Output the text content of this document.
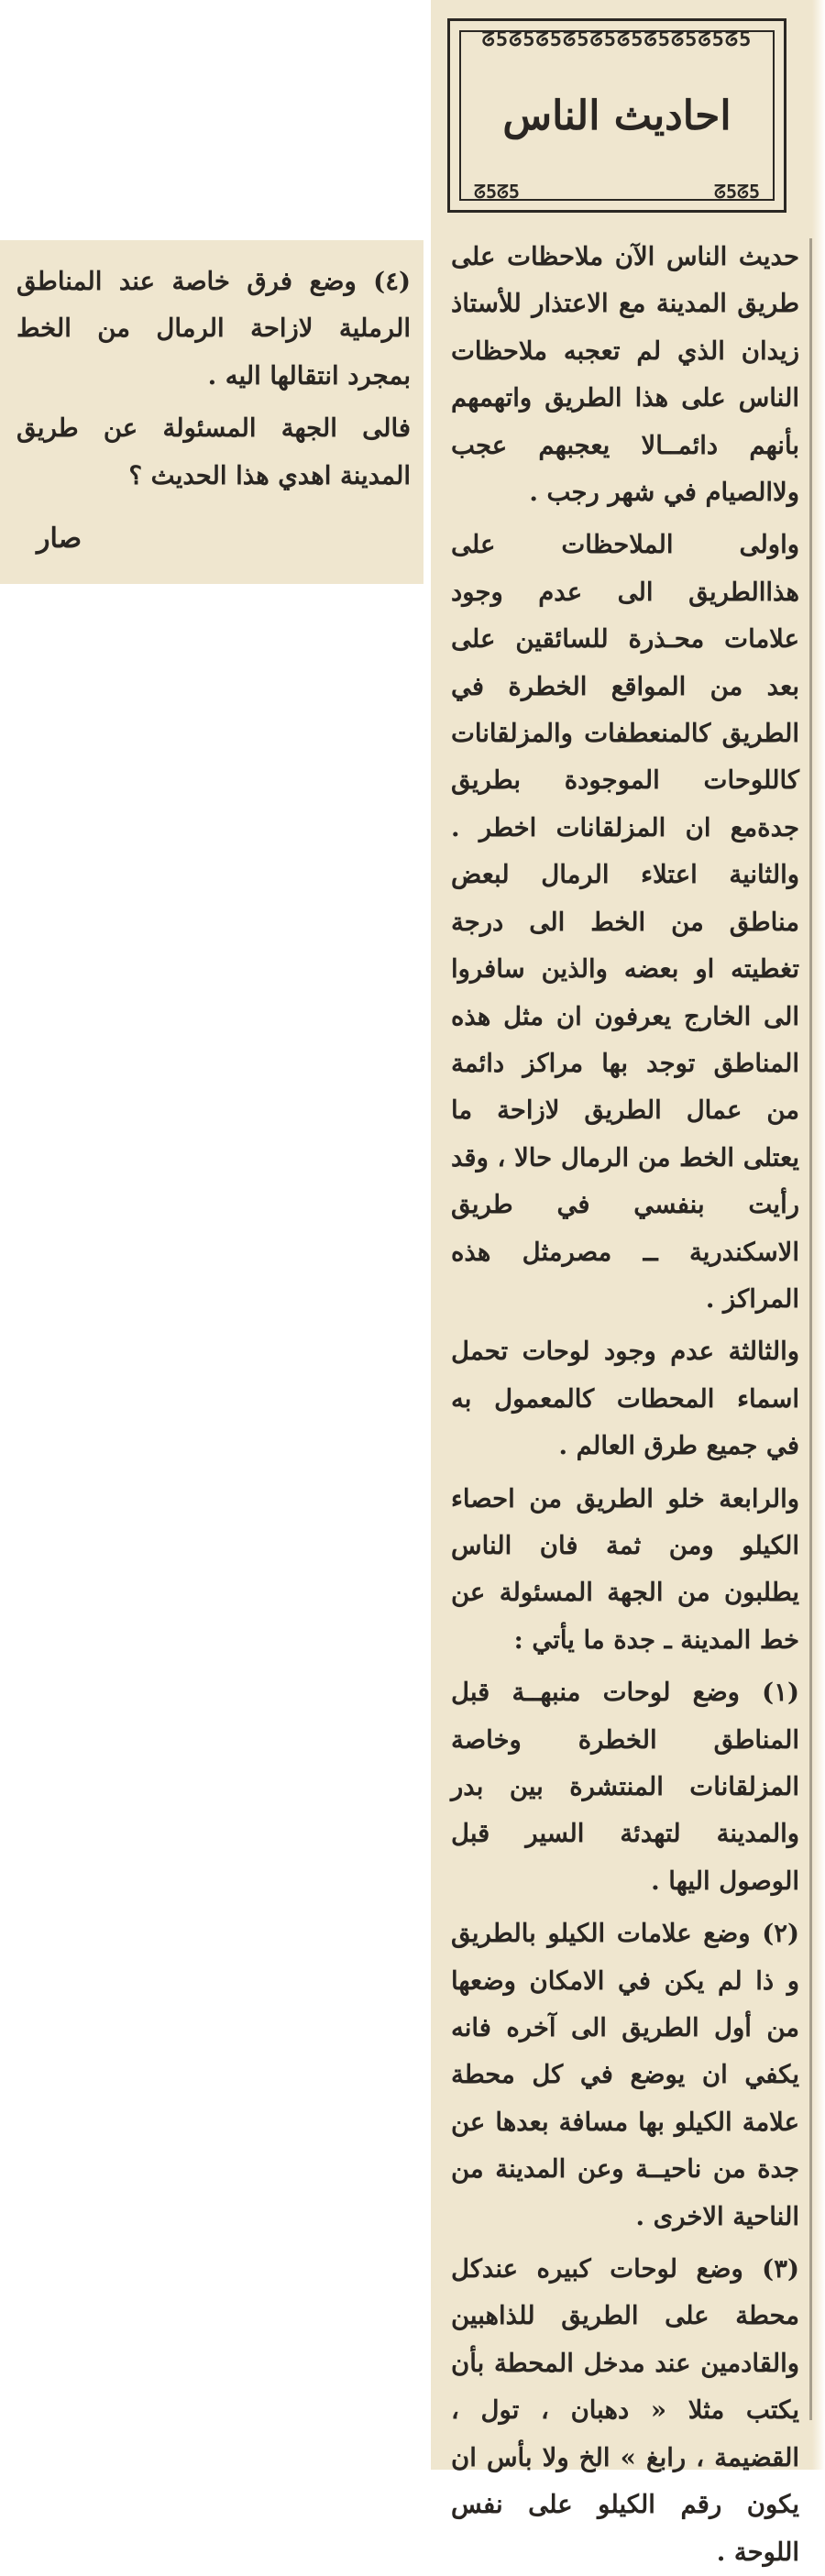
ᘔ5ᘔ5ᘔ5ᘔ5ᘔ5ᘔ5ᘔ5ᘔ5ᘔ5ᘔ5
ᘔ5ᘔ5	ᘔ5ᘔ5
احاديث الناس

حديث الناس الآن ملاحظات على طريق المدينة مع الاعتذار للأستاذ زيدان الذي لم تعجبه ملاحظات الناس على هذا الطريق واتهمهم بأنهم دائمــالا يعجبهم عجب ولاالصيام في شهر رجب .

واولى الملاحظات على هذاالطريق الى عدم وجود علامات محـذرة للسائقين على بعد من المواقع الخطرة في الطريق كالمنعطفات والمزلقانات كاللوحات الموجودة بطريق جدةمع ان المزلقانات اخطر . والثانية اعتلاء الرمال لبعض مناطق من الخط الى درجة تغطيته او بعضه والذين سافروا الى الخارج يعرفون ان مثل هذه المناطق توجد بها مراكز دائمة من عمال الطريق لازاحة ما يعتلى الخط من الرمال حالا ، وقد رأيت بنفسي في طريق الاسكندرية ــ مصرمثل هذه المراكز .

والثالثة عدم وجود لوحات تحمل اسماء المحطات كالمعمول به في جميع طرق العالم .

والرابعة خلو الطريق من احصاء الكيلو ومن ثمة فان الناس يطلبون من الجهة المسئولة عن خط المدينة ـ جدة ما يأتي :

(١) وضع لوحات منبهــة قبل المناطق الخطرة وخاصة المزلقانات المنتشرة بين بدر والمدينة لتهدئة السير قبل الوصول اليها .

(٢) وضع علامات الكيلو بالطريق و ذا لم يكن في الامكان وضعها من أول الطريق الى آخره فانه يكفي ان يوضع في كل محطة علامة الكيلو بها مسافة بعدها عن جدة من ناحيــة وعن المدينة من الناحية الاخرى .

(٣) وضع لوحات كبيره عندكل محطة على الطريق للذاهبين والقادمين عند مدخل المحطة بأن يكتب مثلا « دهبان ، تول ، القضيمة ، رابغ » الخ ولا بأس ان يكون رقم الكيلو على نفس اللوحة .

(٤) وضع فرق خاصة عند المناطق الرملية لازاحة الرمال من الخط بمجرد انتقالها اليه .

فالى الجهة المسئولة عن طريق المدينة اهدي هذا الحديث ؟

صار
